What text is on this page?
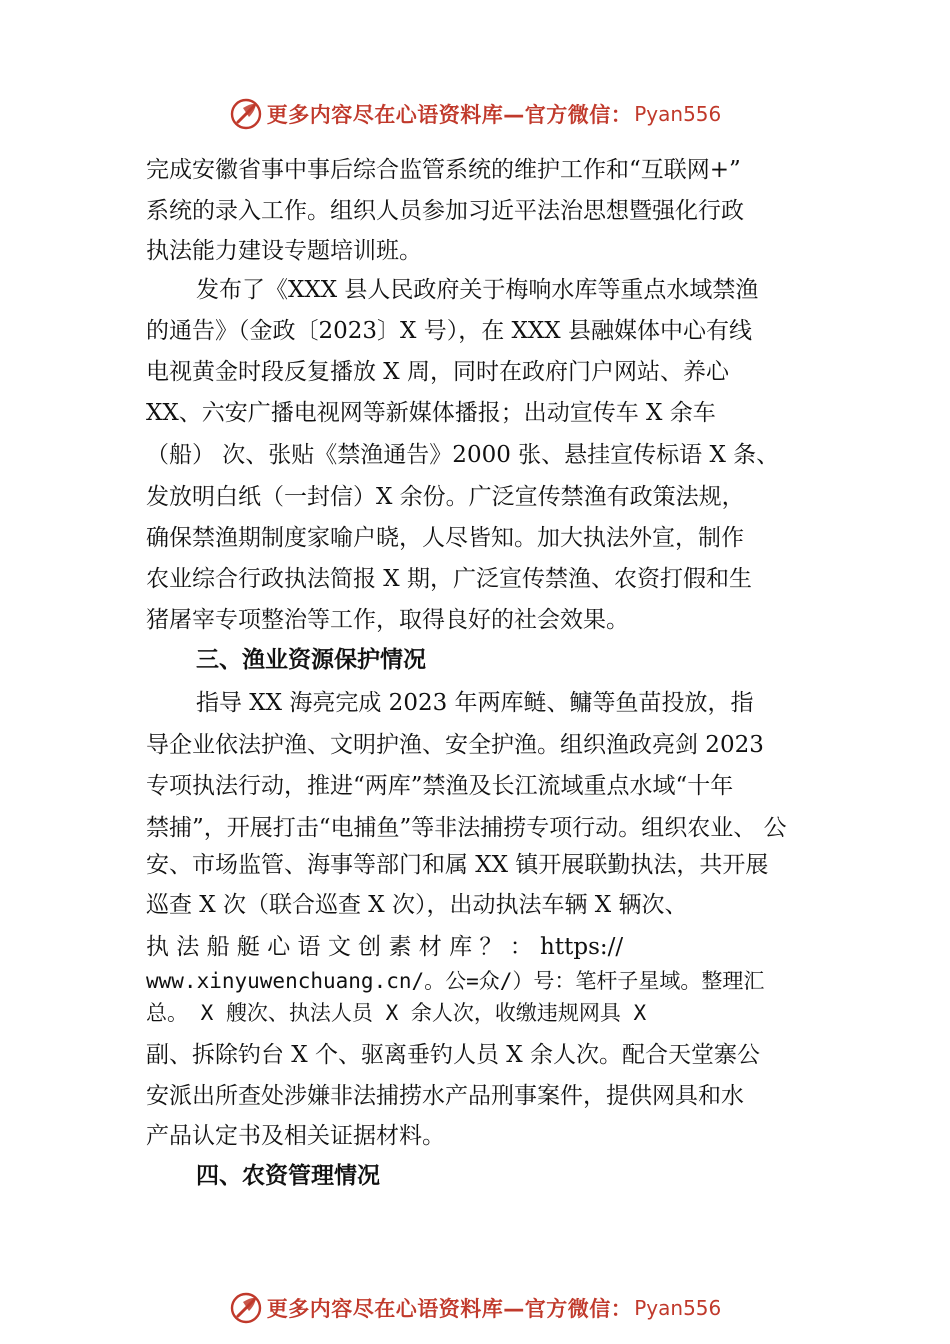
更多内容尽在心语资料库—官方微信： Pyan556
完成安徽省事中事后综合监管系统的维护工作和“互联网+”
系统的录入工作。组织人员参加习近平法治思想暨强化行政
执法能力建设专题培训班。
发布了《XXX 县人民政府关于梅响水库等重点水域禁渔
的通告》（金政〔2023〕X 号），在 XXX 县融媒体中心有线
电视黄金时段反复播放 X 周，同时在政府门户网站、养心
XX、六安广播电视网等新媒体播报；出动宣传车 X 余车
（船） 次、张贴《禁渔通告》2000 张、悬挂宣传标语 X 条、
发放明白纸（一封信）X 余份。广泛宣传禁渔有政策法规，
确保禁渔期制度家喻户晓，人尽皆知。加大执法外宣，制作
农业综合行政执法简报 X 期，广泛宣传禁渔、农资打假和生
猪屠宰专项整治等工作，取得良好的社会效果。
三、渔业资源保护情况
指导 XX 海亮完成 2023 年两库鲢、鳙等鱼苗投放，指
导企业依法护渔、文明护渔、安全护渔。组织渔政亮剑 2023
专项执法行动，推进“两库”禁渔及长江流域重点水域“十年
禁捕”，开展打击“电捕鱼”等非法捕捞专项行动。组织农业、 公
安、市场监管、海事等部门和属 XX 镇开展联勤执法，共开展
巡查 X 次（联合巡查 X 次），出动执法车辆 X 辆次、
执 法 船 艇 心 语 文 创 素 材 库 ？ ： https://
www.xinyuwenchuang.cn/。公=众/）号：笔杆子星域。整理汇
总。 X 艘次、执法人员 X 余人次，收缴违规网具 X
副、拆除钓台 X 个、驱离垂钓人员 X 余人次。配合天堂寨公
安派出所查处涉嫌非法捕捞水产品刑事案件，提供网具和水
产品认定书及相关证据材料。
四、农资管理情况
更多内容尽在心语资料库—官方微信： Pyan556
